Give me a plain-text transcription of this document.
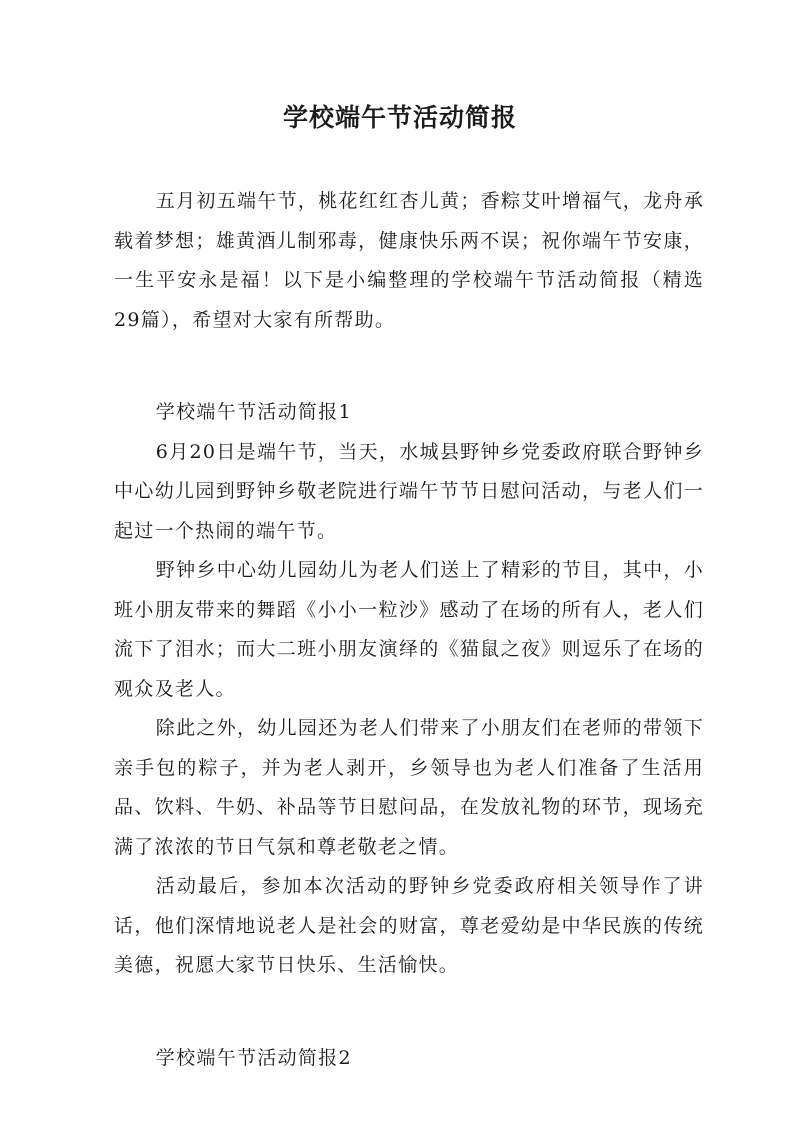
学校端午节活动简报

五月初五端午节，桃花红红杏儿黄；香粽艾叶增福气，龙舟承载着梦想；雄黄酒儿制邪毒，健康快乐两不误；祝你端午节安康，一生平安永是福！以下是小编整理的学校端午节活动简报（精选29篇），希望对大家有所帮助。

学校端午节活动简报1

6月20日是端午节，当天，水城县野钟乡党委政府联合野钟乡中心幼儿园到野钟乡敬老院进行端午节节日慰问活动，与老人们一起过一个热闹的端午节。

野钟乡中心幼儿园幼儿为老人们送上了精彩的节目，其中，小班小朋友带来的舞蹈《小小一粒沙》感动了在场的所有人，老人们流下了泪水；而大二班小朋友演绎的《猫鼠之夜》则逗乐了在场的观众及老人。

除此之外，幼儿园还为老人们带来了小朋友们在老师的带领下亲手包的粽子，并为老人剥开，乡领导也为老人们准备了生活用品、饮料、牛奶、补品等节日慰问品，在发放礼物的环节，现场充满了浓浓的节日气氛和尊老敬老之情。

活动最后，参加本次活动的野钟乡党委政府相关领导作了讲话，他们深情地说老人是社会的财富，尊老爱幼是中华民族的传统美德，祝愿大家节日快乐、生活愉快。

学校端午节活动简报2
